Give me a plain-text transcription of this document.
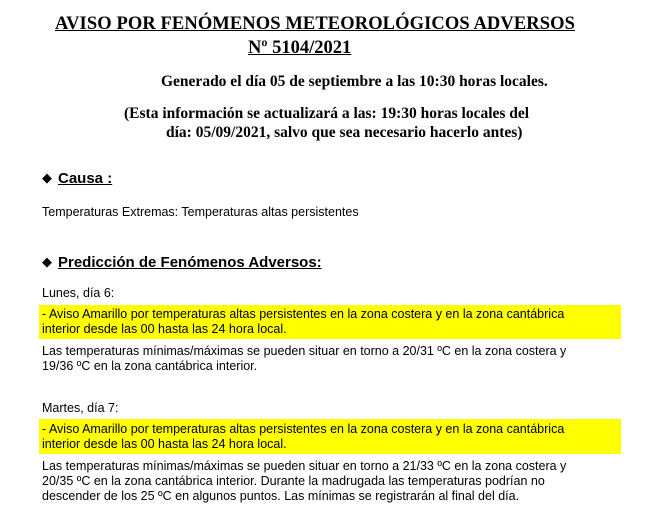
AVISO POR FENÓMENOS METEOROLÓGICOS ADVERSOS
Nº 5104/2021
Generado el día 05 de septiembre a las 10:30 horas locales.
(Esta información se actualizará a las: 19:30 horas locales del
día: 05/09/2021, salvo que sea necesario hacerlo antes)
◆ Causa :
Temperaturas Extremas: Temperaturas altas persistentes
◆ Predicción de Fenómenos Adversos:
Lunes, día 6:
- Aviso Amarillo por temperaturas altas persistentes en la zona costera y en la zona cantábrica
interior desde las 00 hasta las 24 hora local.
Las temperaturas mínimas/máximas se pueden situar en torno a 20/31 ºC en la zona costera y
19/36 ºC en la zona cantábrica interior.
Martes, día 7:
- Aviso Amarillo por temperaturas altas persistentes en la zona costera y en la zona cantábrica
interior desde las 00 hasta las 24 hora local.
Las temperaturas mínimas/máximas se pueden situar en torno a 21/33 ºC en la zona costera y
20/35 ºC en la zona cantábrica interior. Durante la madrugada las temperaturas podrían no
descender de los 25 ºC en algunos puntos. Las mínimas se registrarán al final del día.
